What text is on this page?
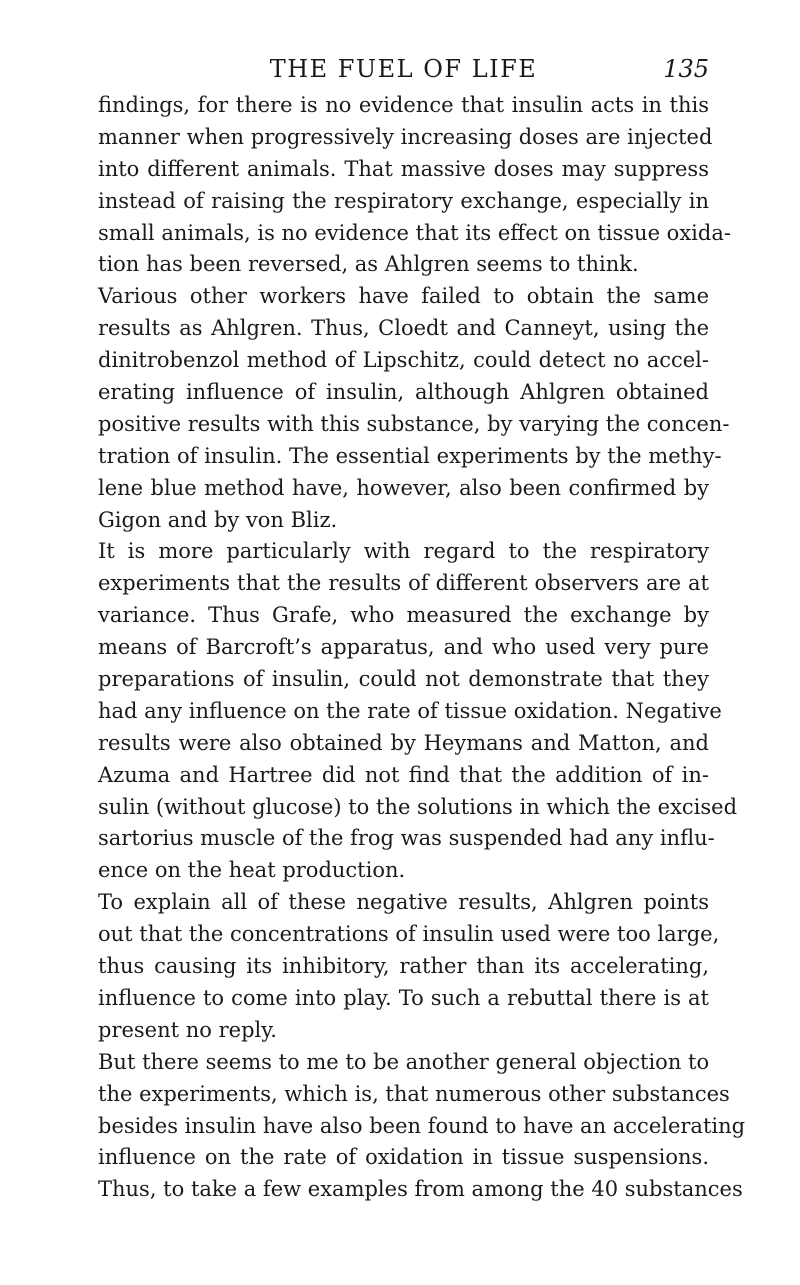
THE FUEL OF LIFE	135
findings, for there is no evidence that insulin acts in this
manner when progressively increasing doses are injected
into different animals. That massive doses may suppress
instead of raising the respiratory exchange, especially in
small animals, is no evidence that its effect on tissue oxida-
tion has been reversed, as Ahlgren seems to think.
Various other workers have failed to obtain the same
results as Ahlgren. Thus, Cloedt and Canneyt, using the
dinitrobenzol method of Lipschitz, could detect no accel-
erating influence of insulin, although Ahlgren obtained
positive results with this substance, by varying the concen-
tration of insulin. The essential experiments by the methy-
lene blue method have, however, also been confirmed by
Gigon and by von Bliz.
It is more particularly with regard to the respiratory
experiments that the results of different observers are at
variance. Thus Grafe, who measured the exchange by
means of Barcroft’s apparatus, and who used very pure
preparations of insulin, could not demonstrate that they
had any influence on the rate of tissue oxidation. Negative
results were also obtained by Heymans and Matton, and
Azuma and Hartree did not find that the addition of in-
sulin (without glucose) to the solutions in which the excised
sartorius muscle of the frog was suspended had any influ-
ence on the heat production.
To explain all of these negative results, Ahlgren points
out that the concentrations of insulin used were too large,
thus causing its inhibitory, rather than its accelerating,
influence to come into play. To such a rebuttal there is at
present no reply.
But there seems to me to be another general objection to
the experiments, which is, that numerous other substances
besides insulin have also been found to have an accelerating
influence on the rate of oxidation in tissue suspensions.
Thus, to take a few examples from among the 40 substances
